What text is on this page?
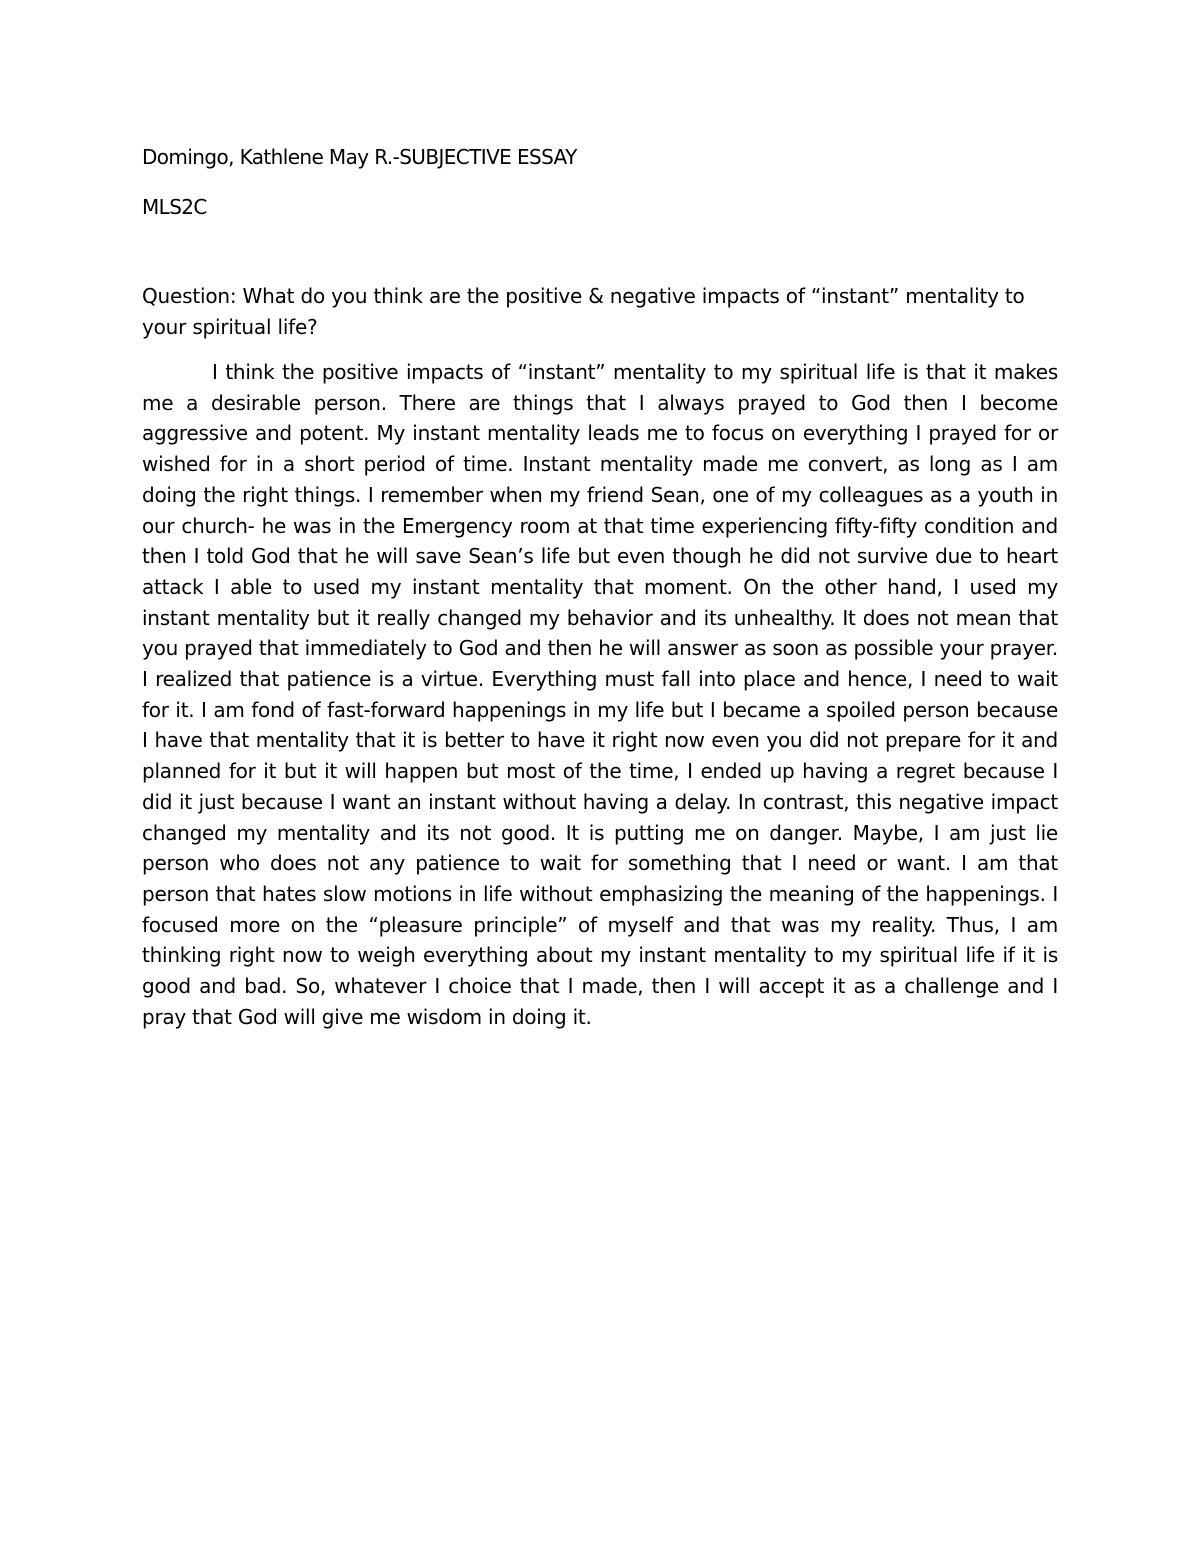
Domingo, Kathlene May R.-SUBJECTIVE ESSAY
MLS2C
Question: What do you think are the positive & negative impacts of “instant” mentality to your spiritual life?
I think the positive impacts of “instant” mentality to my spiritual life is that it makes me a desirable person. There are things that I always prayed to God then I become aggressive and potent. My instant mentality leads me to focus on everything I prayed for or wished for in a short period of time. Instant mentality made me convert, as long as I am doing the right things. I remember when my friend Sean, one of my colleagues as a youth in our church- he was in the Emergency room at that time experiencing fifty-fifty condition and then I told God that he will save Sean’s life but even though he did not survive due to heart attack I able to used my instant mentality that moment. On the other hand, I used my instant mentality but it really changed my behavior and its unhealthy. It does not mean that you prayed that immediately to God and then he will answer as soon as possible your prayer. I realized that patience is a virtue. Everything must fall into place and hence, I need to wait for it. I am fond of fast-forward happenings in my life but I became a spoiled person because I have that mentality that it is better to have it right now even you did not prepare for it and planned for it but it will happen but most of the time, I ended up having a regret because I did it just because I want an instant without having a delay. In contrast, this negative impact changed my mentality and its not good. It is putting me on danger. Maybe, I am just lie person who does not any patience to wait for something that I need or want. I am that person that hates slow motions in life without emphasizing the meaning of the happenings. I focused more on the “pleasure principle” of myself and that was my reality. Thus, I am thinking right now to weigh everything about my instant mentality to my spiritual life if it is good and bad. So, whatever I choice that I made, then I will accept it as a challenge and I pray that God will give me wisdom in doing it.
